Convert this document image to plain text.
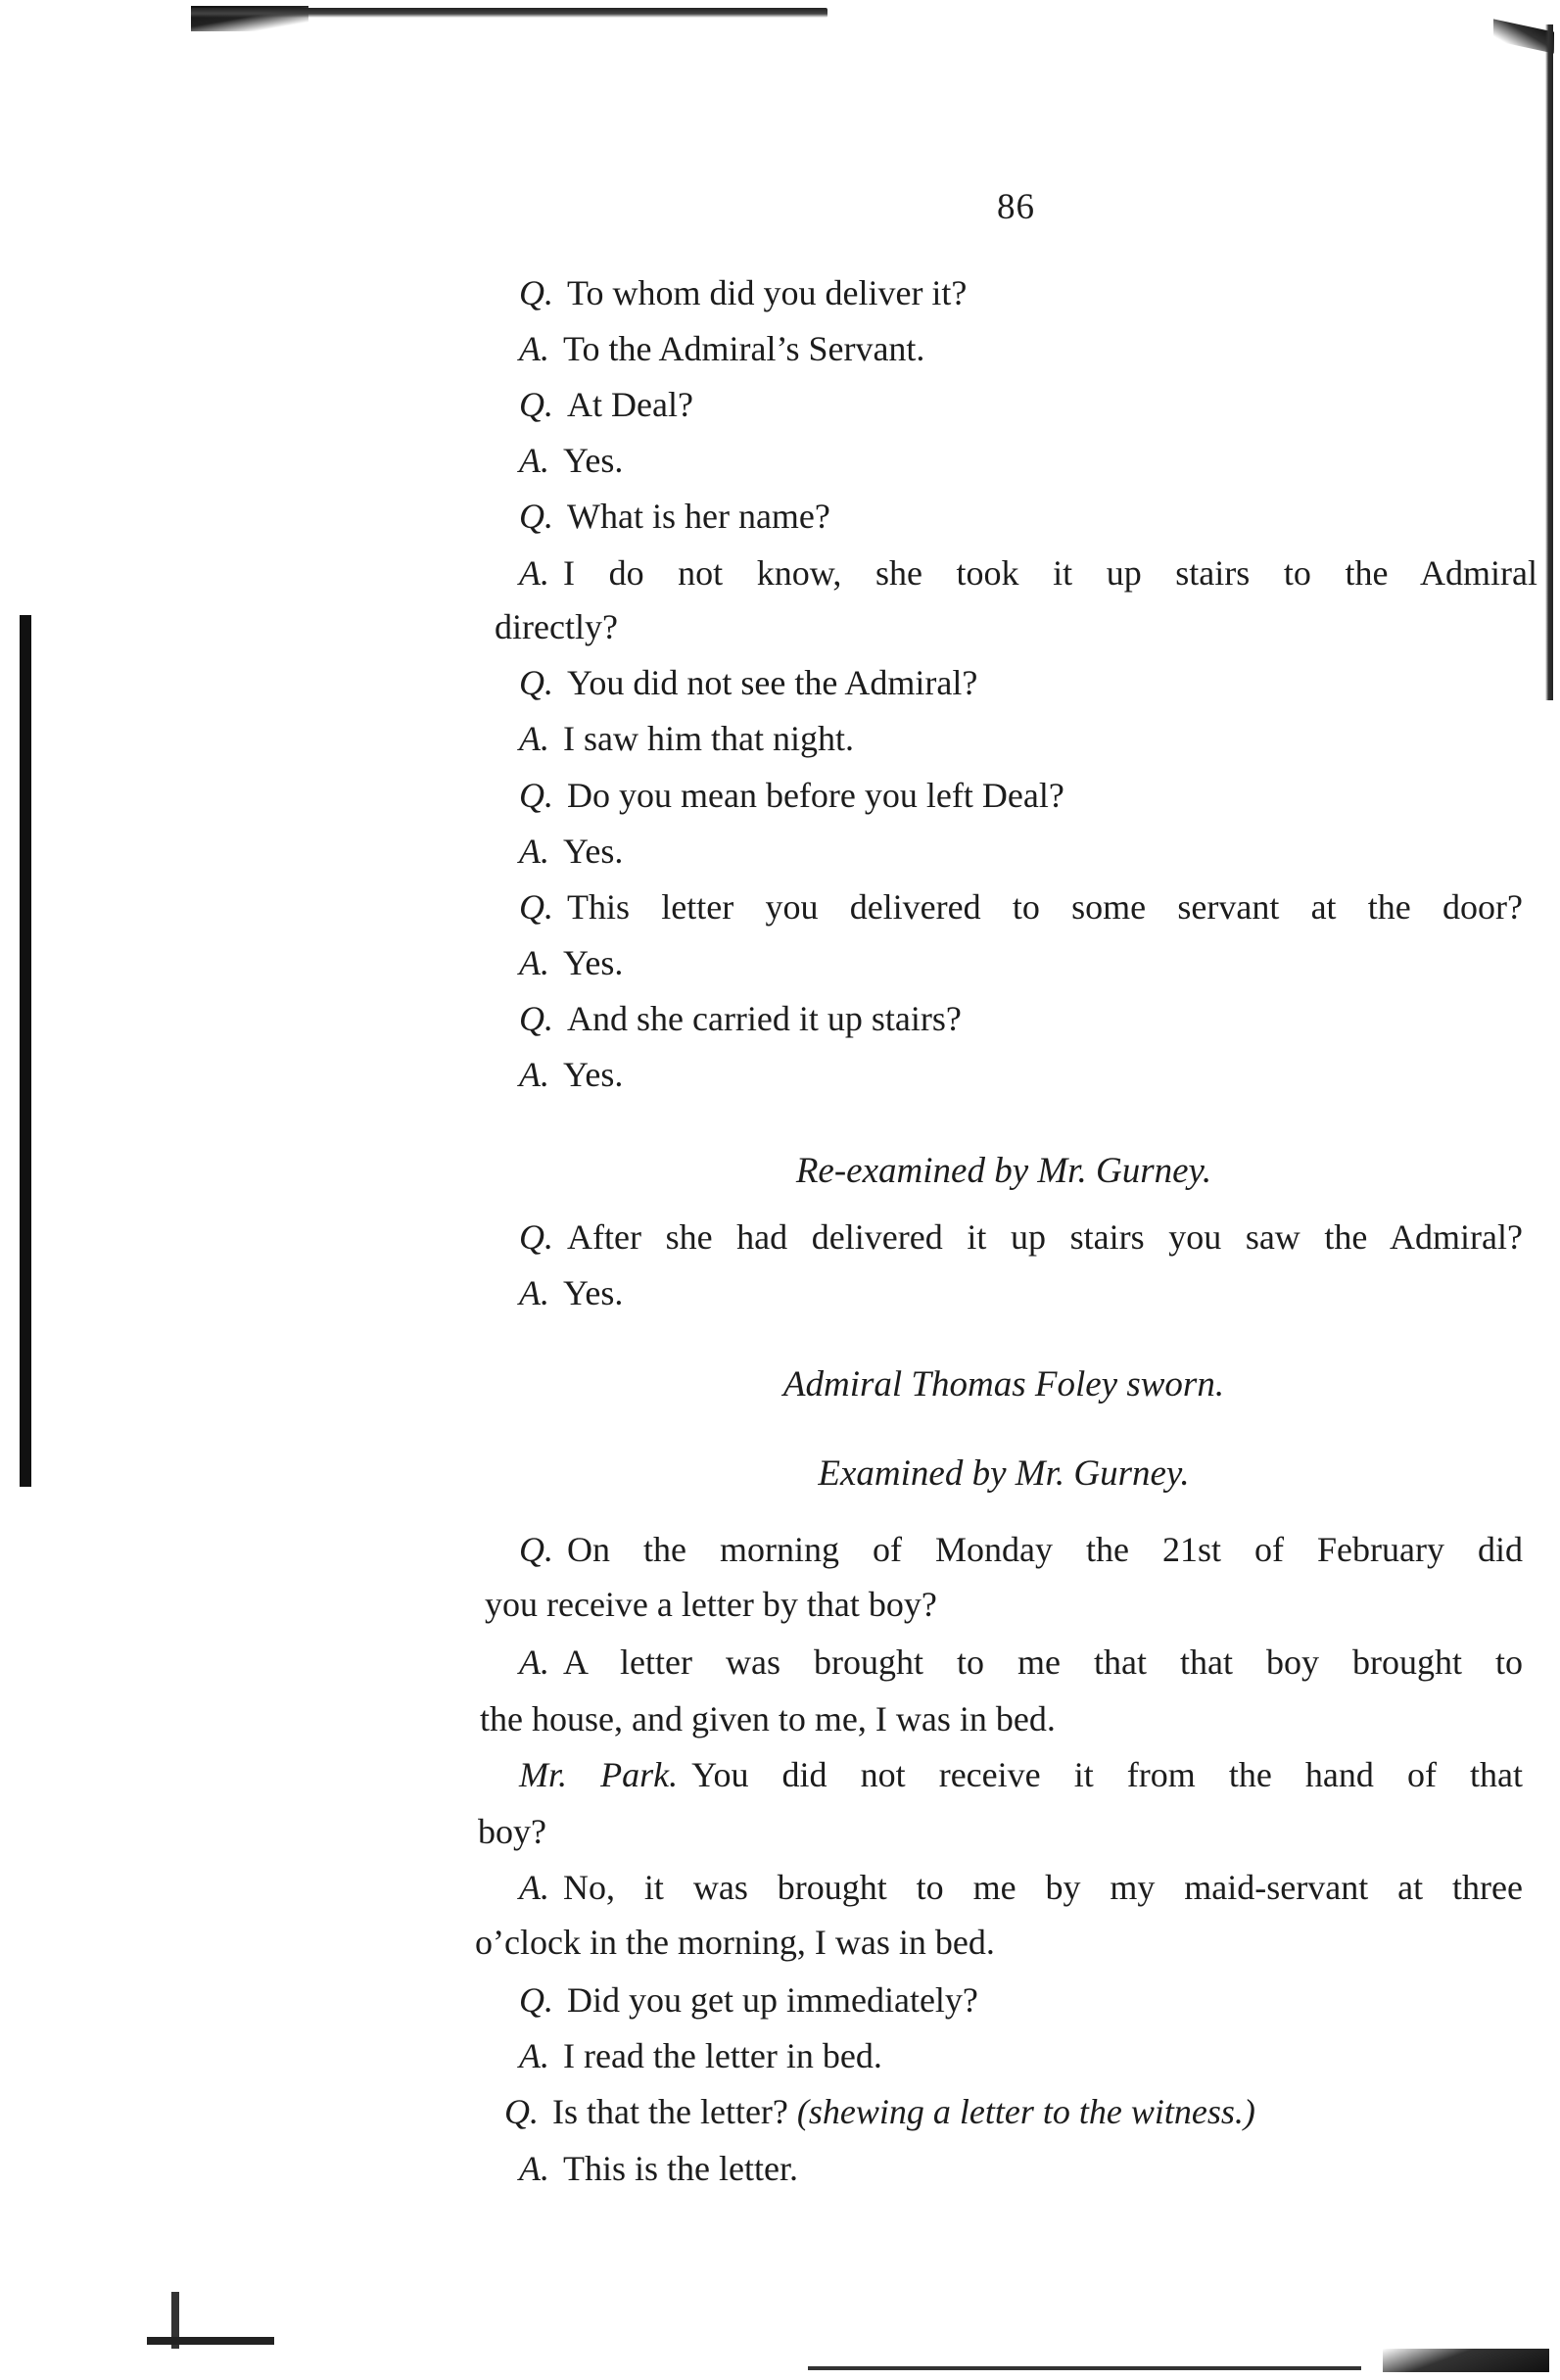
86
Q. To whom did you deliver it?
A. To the Admiral’s Servant.
Q. At Deal?
A. Yes.
Q. What is her name?
A. I do not know, she took it up stairs to the Admiral
directly?
Q. You did not see the Admiral?
A. I saw him that night.
Q. Do you mean before you left Deal?
A. Yes.
Q. This letter you delivered to some servant at the door?
A. Yes.
Q. And she carried it up stairs?
A. Yes.
Re-examined by Mr. Gurney.
Q. After she had delivered it up stairs you saw the Admiral?
A. Yes.
Admiral Thomas Foley sworn.
Examined by Mr. Gurney.
Q. On the morning of Monday the 21st of February did
you receive a letter by that boy?
A. A letter was brought to me that that boy brought to
the house, and given to me, I was in bed.
Mr. Park. You did not receive it from the hand of that
boy?
A. No, it was brought to me by my maid-servant at three
o’clock in the morning, I was in bed.
Q. Did you get up immediately?
A. I read the letter in bed.
Q. Is that the letter? (shewing a letter to the witness.)
A. This is the letter.
